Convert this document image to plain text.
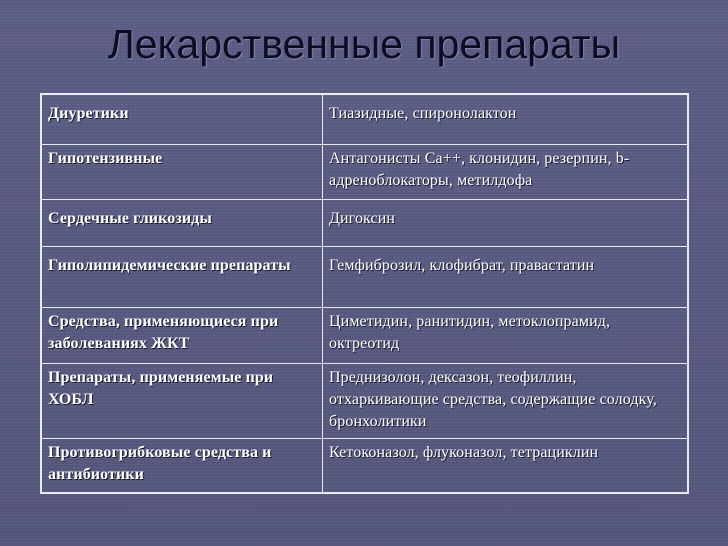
Лекарственные препараты
Диуретики	Тиазидные, спиронолактон
Гипотензивные	Антагонисты Са++, клонидин, резерпин, b-адреноблокаторы, метилдофа
Сердечные гликозиды	Дигоксин
Гиполипидемические препараты	Гемфиброзил, клофибрат, правастатин
Средства, применяющиеся при заболеваниях ЖКТ	Циметидин, ранитидин, метоклопрамид, октреотид
Препараты, применяемые при ХОБЛ	Преднизолон, дексазон, теофиллин, отхаркивающие средства, содержащие солодку, бронхолитики
Противогрибковые средства и антибиотики	Кетоконазол, флуконазол, тетрациклин
